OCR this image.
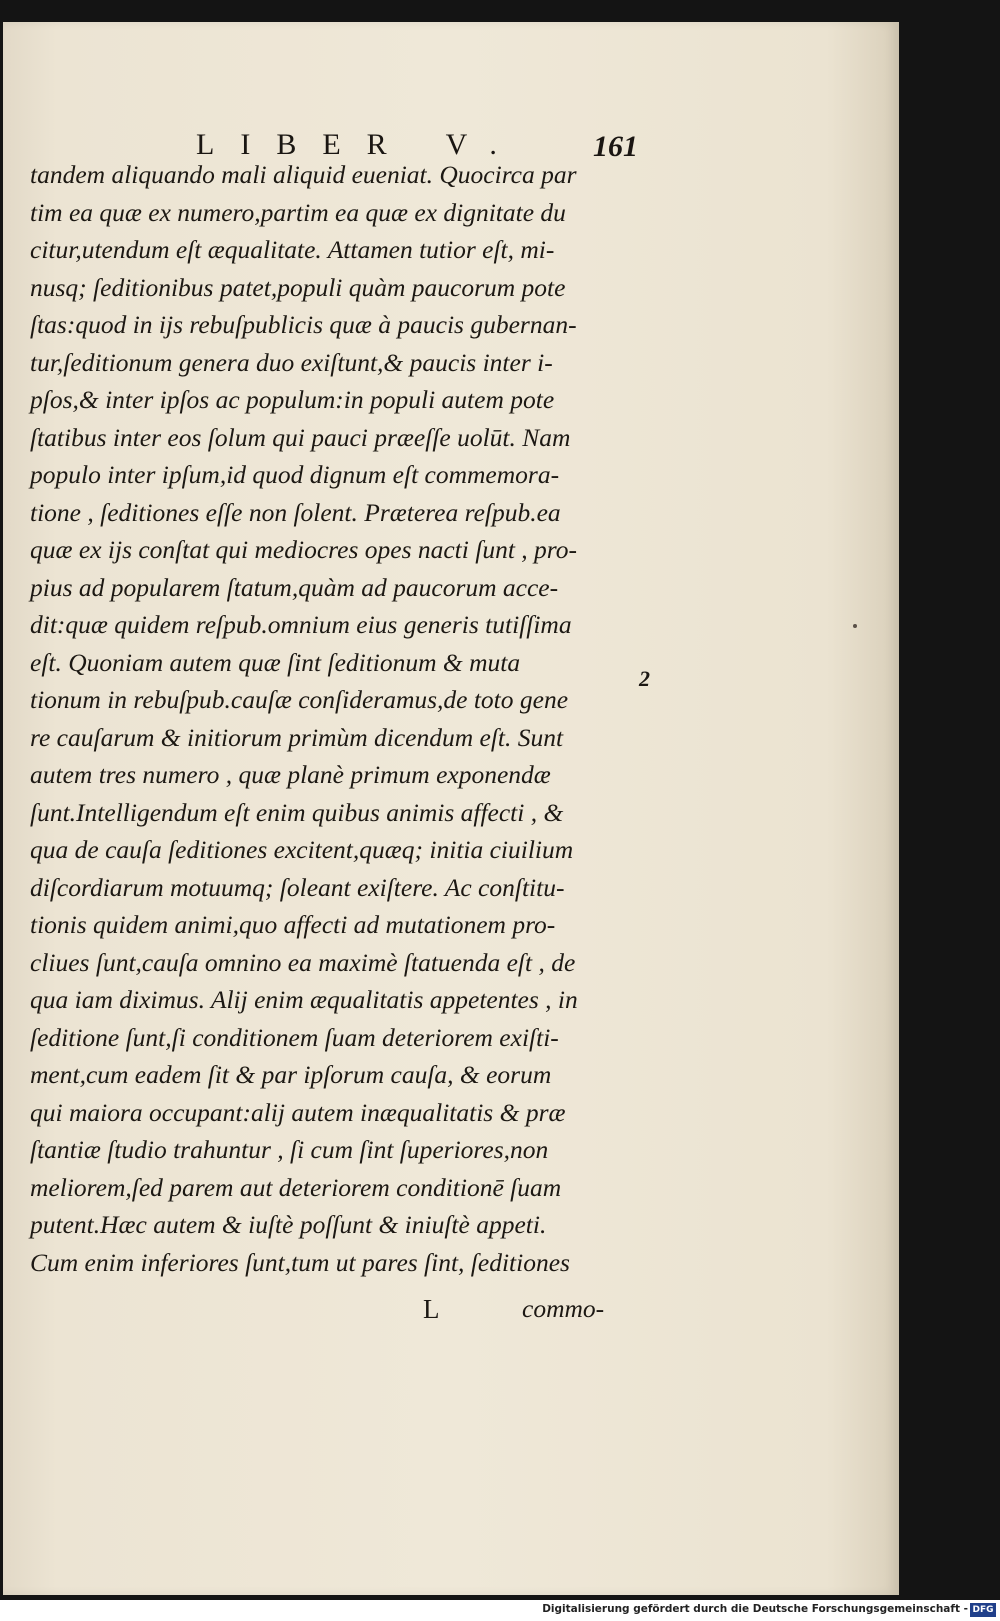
LIBER V. 161
tandem aliquando mali aliquid eueniat. Quocirca par
tim ea quæ ex numero,partim ea quæ ex dignitate du
citur,utendum eſt æqualitate. Attamen tutior eſt, mi-
nusq; ſeditionibus patet,populi quàm paucorum pote
ſtas:quod in ijs rebuſpublicis quæ à paucis gubernan-
tur,ſeditionum genera duo exiſtunt,& paucis inter i-
pſos,& inter ipſos ac populum:in populi autem pote
ſtatibus inter eos ſolum qui pauci præeſſe uolūt. Nam
populo inter ipſum,id quod dignum eſt commemora-
tione , ſeditiones eſſe non ſolent. Præterea reſpub.ea
quæ ex ijs conſtat qui mediocres opes nacti ſunt , pro-
pius ad popularem ſtatum,quàm ad paucorum acce-
dit:quæ quidem reſpub.omnium eius generis tutiſſima
eſt. Quoniam autem quæ ſint ſeditionum & muta
tionum in rebuſpub.cauſæ conſideramus,de toto gene
re cauſarum & initiorum primùm dicendum eſt. Sunt
autem tres numero , quæ planè primum exponendæ
ſunt.Intelligendum eſt enim quibus animis affecti , &
qua de cauſa ſeditiones excitent,quæq; initia ciuilium
diſcordiarum motuumq; ſoleant exiſtere. Ac conſtitu-
tionis quidem animi,quo affecti ad mutationem pro-
cliues ſunt,cauſa omnino ea maximè ſtatuenda eſt , de
qua iam diximus. Alij enim æqualitatis appetentes , in
ſeditione ſunt,ſi conditionem ſuam deteriorem exiſti-
ment,cum eadem ſit & par ipſorum cauſa, & eorum
qui maiora occupant:alij autem inæqualitatis & præ
ſtantiæ ſtudio trahuntur , ſi cum ſint ſuperiores,non
meliorem,ſed parem aut deteriorem conditionē ſuam
putent.Hæc autem & iuſtè poſſunt & iniuſtè appeti.
Cum enim inferiores ſunt,tum ut pares ſint, ſeditiones
2
L	commo-
Digitalisierung gefördert durch die Deutsche Forschungsgemeinschaft - DFG
